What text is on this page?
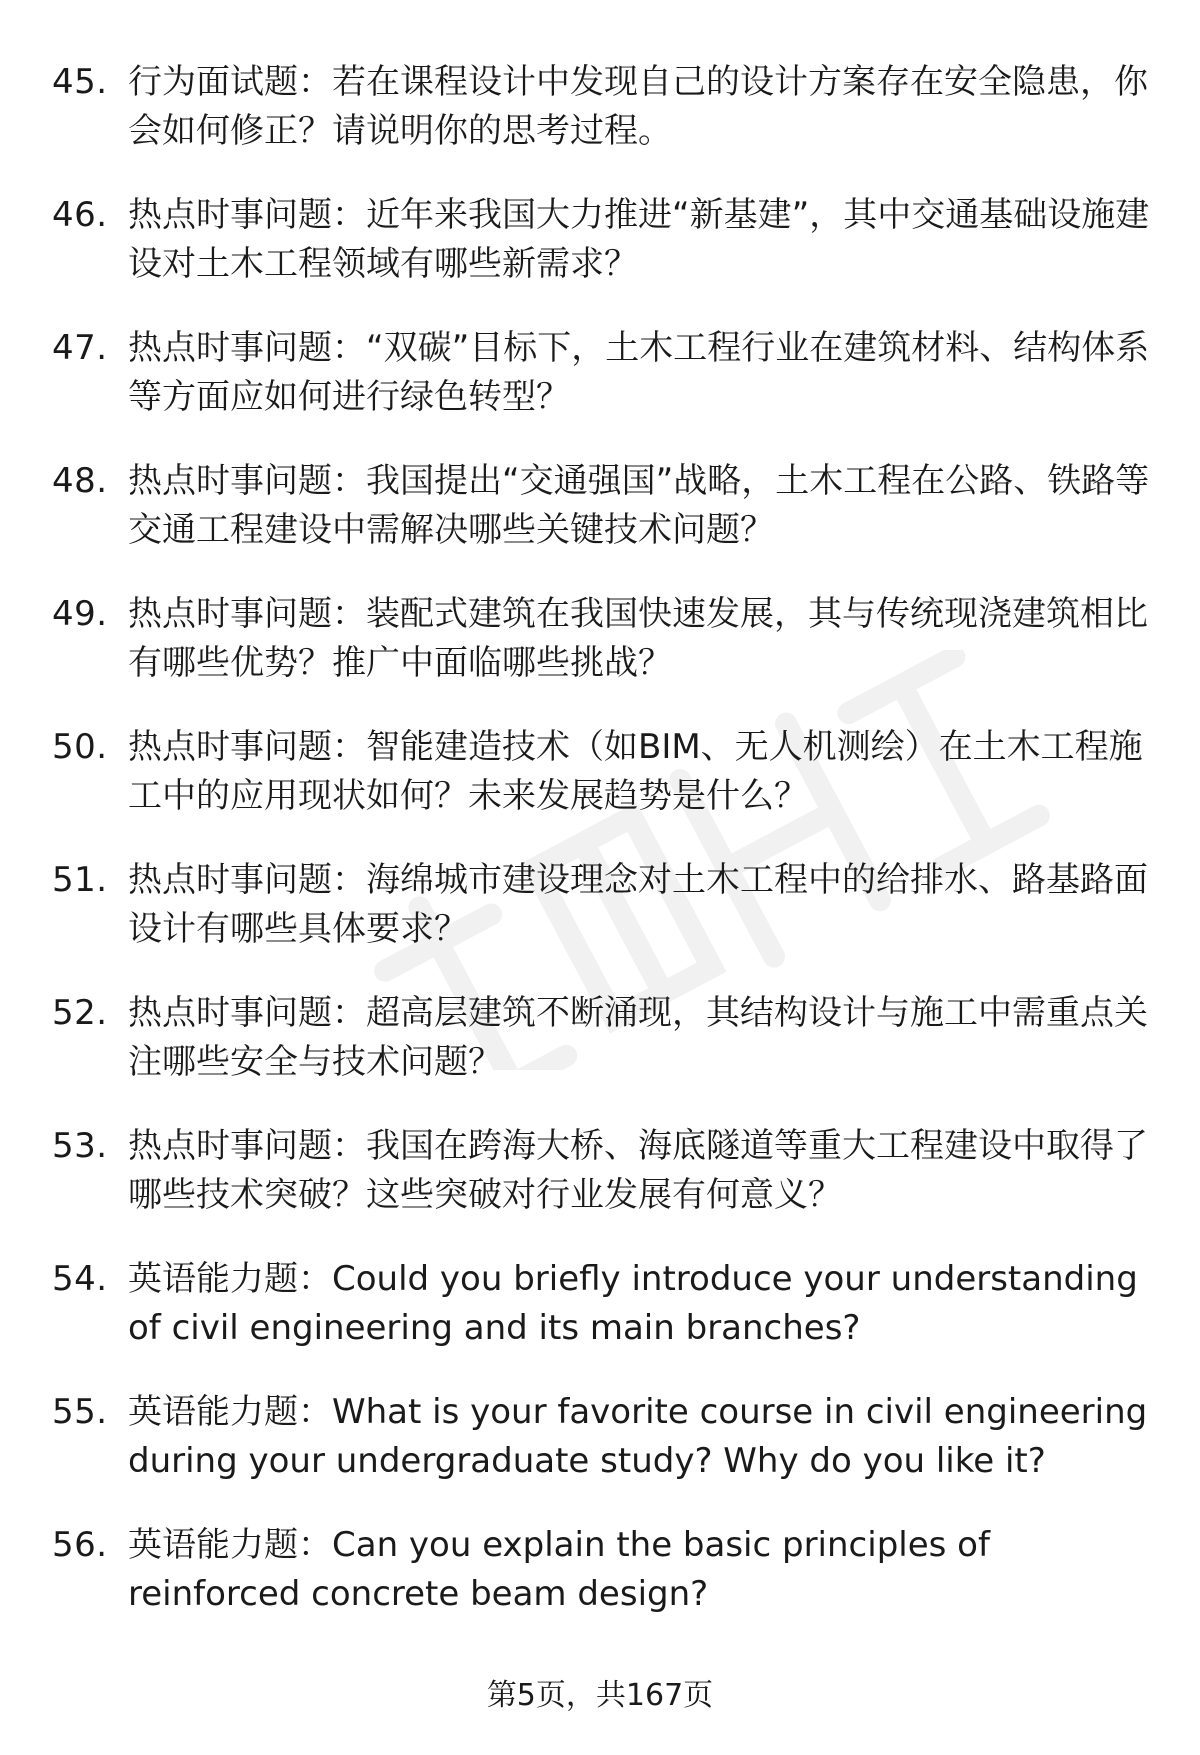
45. 行为面试题：若在课程设计中发现自己的设计方案存在安全隐患，你会如何修正？请说明你的思考过程。
46. 热点时事问题：近年来我国大力推进“新基建”，其中交通基础设施建设对土木工程领域有哪些新需求？
47. 热点时事问题：“双碳”目标下，土木工程行业在建筑材料、结构体系等方面应如何进行绿色转型？
48. 热点时事问题：我国提出“交通强国”战略，土木工程在公路、铁路等交通工程建设中需解决哪些关键技术问题？
49. 热点时事问题：装配式建筑在我国快速发展，其与传统现浇建筑相比有哪些优势？推广中面临哪些挑战？
50. 热点时事问题：智能建造技术（如BIM、无人机测绘）在土木工程施工中的应用现状如何？未来发展趋势是什么？
51. 热点时事问题：海绵城市建设理念对土木工程中的给排水、路基路面设计有哪些具体要求？
52. 热点时事问题：超高层建筑不断涌现，其结构设计与施工中需重点关注哪些安全与技术问题？
53. 热点时事问题：我国在跨海大桥、海底隧道等重大工程建设中取得了哪些技术突破？这些突破对行业发展有何意义？
54. 英语能力题：Could you briefly introduce your understanding of civil engineering and its main branches?
55. 英语能力题：What is your favorite course in civil engineering during your undergraduate study? Why do you like it?
56. 英语能力题：Can you explain the basic principles of reinforced concrete beam design?
第5页，共167页
